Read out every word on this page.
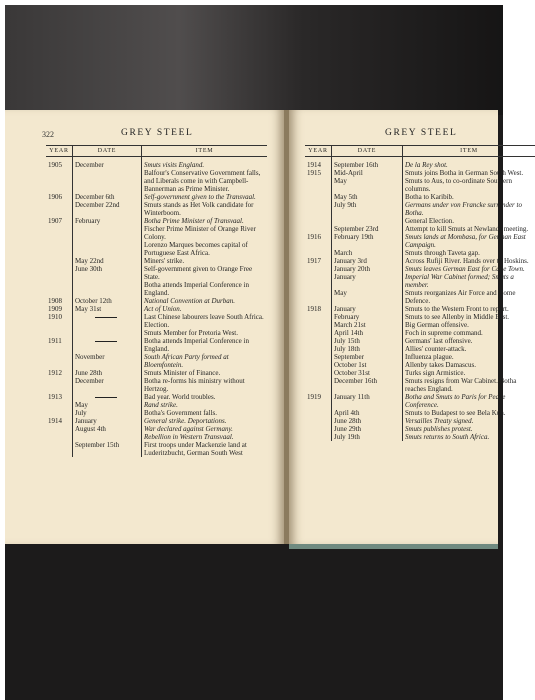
322	GREY STEEL
YEAR	DATE	ITEM

1905	December	Smuts visits England.
		Balfour's Conservative Government falls, and Liberals come in with Campbell-Bannerman as Prime Minister.
1906	December 6th	Self-government given to the Transvaal.
	December 22nd	Smuts stands as Het Volk candidate for Winterboom.
1907	February	Botha Prime Minister of Transvaal.
		Fischer Prime Minister of Orange River Colony.
		Lorenzo Marques becomes capital of Portuguese East Africa.
	May 22nd	Miners' strike.
	June 30th	Self-government given to Orange Free State.
		Botha attends Imperial Conference in England.
1908	October 12th	National Convention at Durban.
1909	May 31st	Act of Union.
1910		Last Chinese labourers leave South Africa.
		Election.
		Smuts Member for Pretoria West.
1911		Botha attends Imperial Conference in England.
	November	South African Party formed at Bloemfontein.
1912	June 28th	Smuts Minister of Finance.
	December	Botha re-forms his ministry without Hertzog.
1913		Bad year. World troubles.
	May	Rand strike.
	July	Botha's Government falls.
1914	January	General strike. Deportations.
	August 4th	War declared against Germany.
		Rebellion in Western Transvaal.
	September 15th	First troops under Mackenzie land at Luderitzbucht, German South West
GREY STEEL
YEAR	DATE	ITEM

1914	September 16th	De la Rey shot.
1915	Mid-April	Smuts joins Botha in German South West.
	May	Smuts to Aus, to co-ordinate Southern columns.
	May 5th	Botha to Karibib.
	July 9th	Germans under von Francke surrender to Botha.
		General Election.
	September 23rd	Attempt to kill Smuts at Newlands meeting.
1916	February 19th	Smuts lands at Mombasa, for German East Campaign.
	March	Smuts through Taveta gap.
1917	January 3rd	Across Rufiji River. Hands over to Hoskins.
	January 20th	Smuts leaves German East for Cape Town.
	January	Imperial War Cabinet formed; Smuts a member.
	May	Smuts reorganizes Air Force and Home Defence.
1918	January	Smuts to the Western Front to report.
	February	Smuts to see Allenby in Middle East.
	March 21st	Big German offensive.
	April 14th	Foch in supreme command.
	July 15th	Germans' last offensive.
	July 18th	Allies' counter-attack.
	September	Influenza plague.
	October 1st	Allenby takes Damascus.
	October 31st	Turks sign Armistice.
	December 16th	Smuts resigns from War Cabinet. Botha reaches England.
1919	January 11th	Botha and Smuts to Paris for Peace Conference.
	April 4th	Smuts to Budapest to see Bela Kun.
	June 28th	Versailles Treaty signed.
	June 29th	Smuts publishes protest.
	July 19th	Smuts returns to South Africa.
